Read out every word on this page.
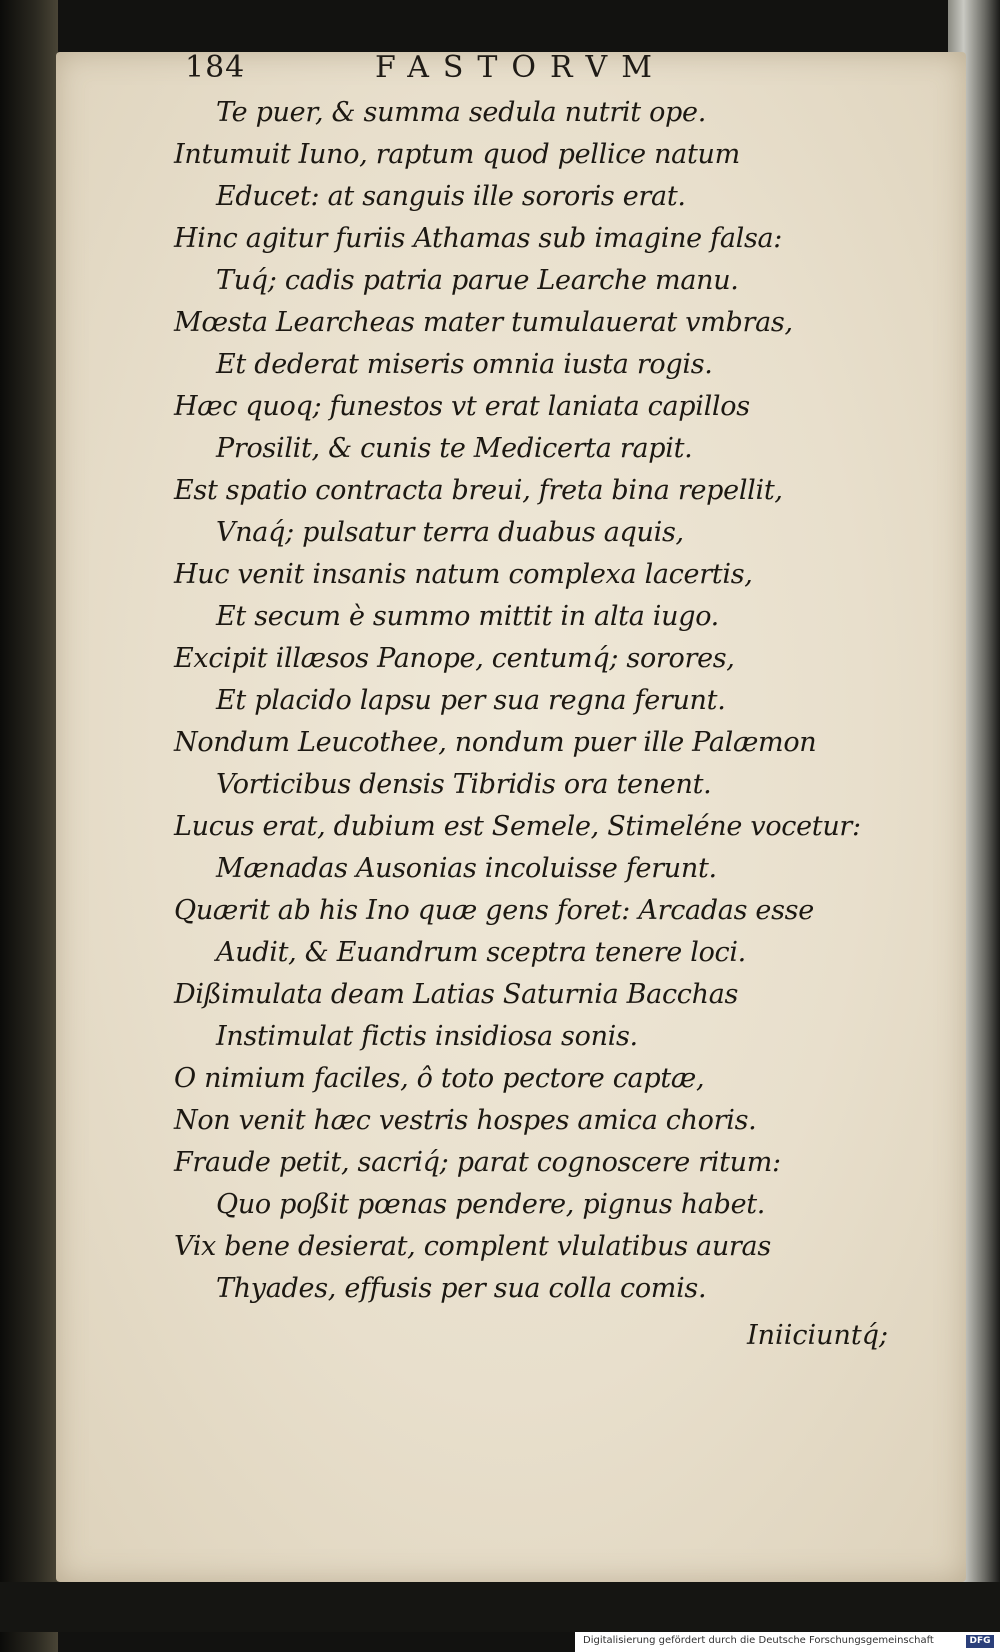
184	FASTORVM
Te puer, & summa sedula nutrit ope.
Intumuit Iuno, raptum quod pellice natum
Educet: at sanguis ille sororis erat.
Hinc agitur furiis Athamas sub imagine falsa:
Tuq́; cadis patria parue Learche manu.
Mœsta Learcheas mater tumulauerat vmbras,
Et dederat miseris omnia iusta rogis.
Hæc quoq; funestos vt erat laniata capillos
Prosilit, & cunis te Medicerta rapit.
Est spatio contracta breui, freta bina repellit,
Vnaq́; pulsatur terra duabus aquis,
Huc venit insanis natum complexa lacertis,
Et secum è summo mittit in alta iugo.
Excipit illæsos Panope, centumq́; sorores,
Et placido lapsu per sua regna ferunt.
Nondum Leucothee, nondum puer ille Palæmon
Vorticibus densis Tibridis ora tenent.
Lucus erat, dubium est Semele, Stimeléne vocetur:
Mænadas Ausonias incoluisse ferunt.
Quærit ab his Ino quæ gens foret: Arcadas esse
Audit, & Euandrum sceptra tenere loci.
Dißimulata deam Latias Saturnia Bacchas
Instimulat fictis insidiosa sonis.
O nimium faciles, ô toto pectore captæ,
Non venit hæc vestris hospes amica choris.
Fraude petit, sacriq́; parat cognoscere ritum:
Quo poßit pœnas pendere, pignus habet.
Vix bene desierat, complent vlulatibus auras
Thyades, effusis per sua colla comis.
Iniiciuntq́;
Digitalisierung gefördert durch die Deutsche Forschungsgemeinschaft	DFG
